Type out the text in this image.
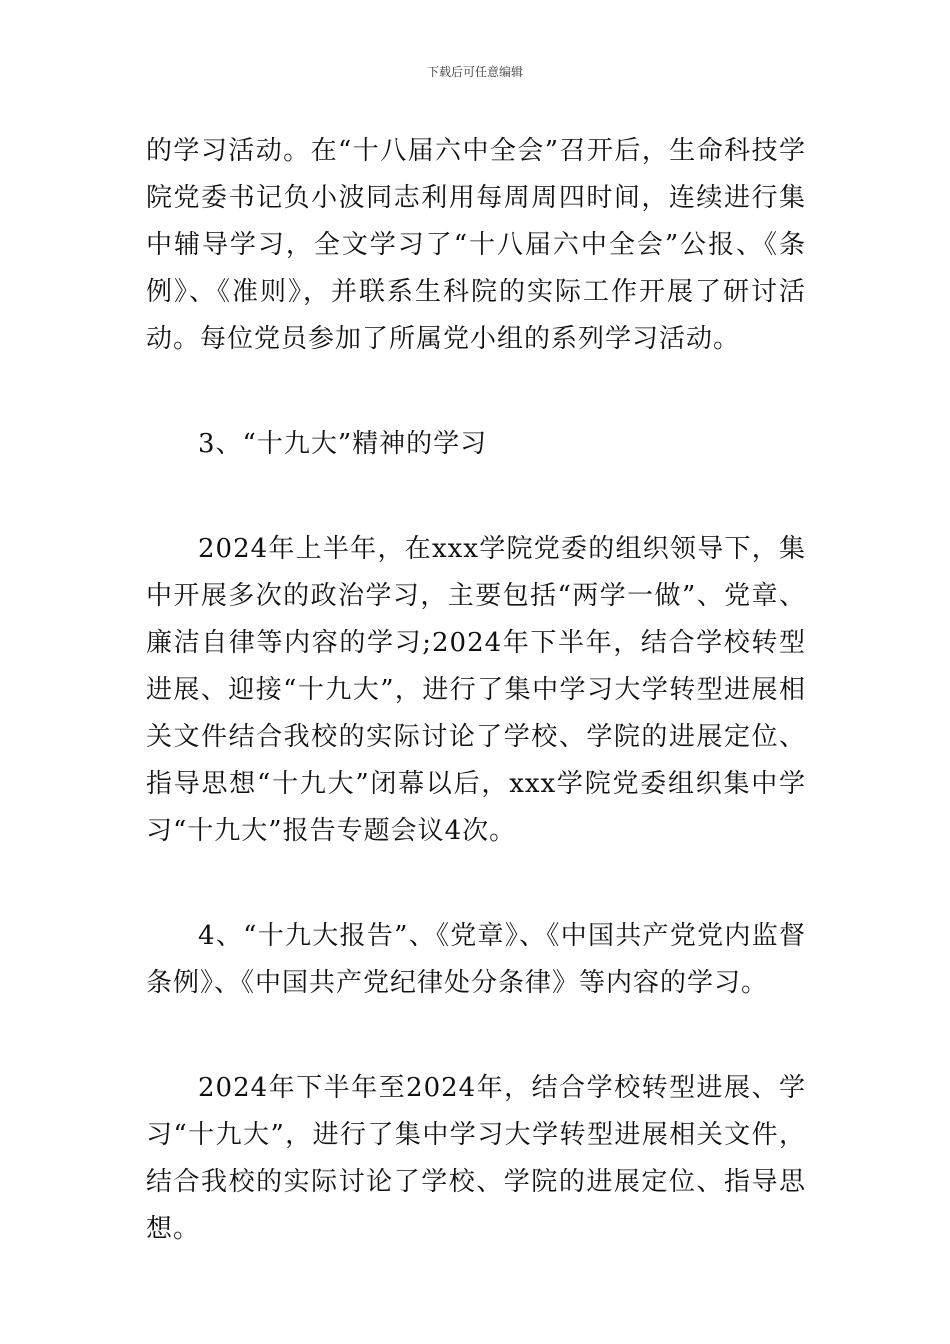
下载后可任意编辑

的学习活动。在“十八届六中全会”召开后，生命科技学院党委书记负小波同志利用每周周四时间，连续进行集中辅导学习，全文学习了“十八届六中全会”公报、《条例》、《准则》，并联系生科院的实际工作开展了研讨活动。每位党员参加了所属党小组的系列学习活动。

3、“十九大”精神的学习

2024年上半年，在xxx学院党委的组织领导下，集中开展多次的政治学习，主要包括“两学一做”、党章、廉洁自律等内容的学习;2024年下半年，结合学校转型进展、迎接“十九大”，进行了集中学习大学转型进展相关文件结合我校的实际讨论了学校、学院的进展定位、指导思想“十九大”闭幕以后，xxx学院党委组织集中学习“十九大”报告专题会议4次。

4、“十九大报告”、《党章》、《中国共产党党内监督条例》、《中国共产党纪律处分条律》等内容的学习。

2024年下半年至2024年，结合学校转型进展、学习“十九大”，进行了集中学习大学转型进展相关文件，结合我校的实际讨论了学校、学院的进展定位、指导思想。
